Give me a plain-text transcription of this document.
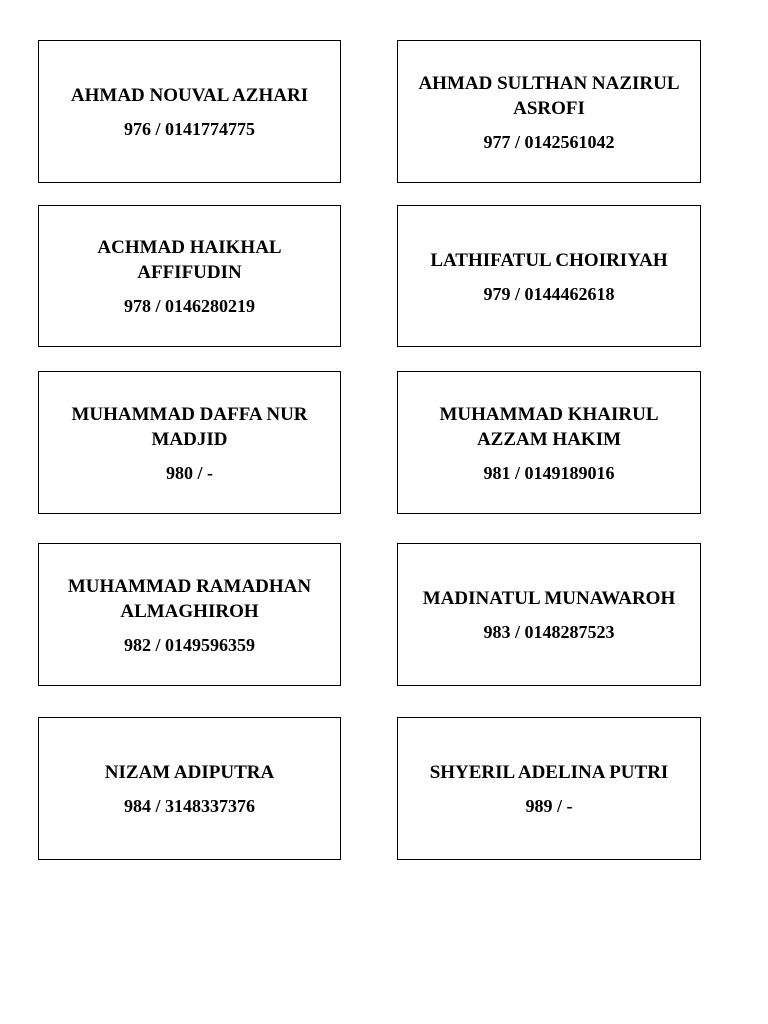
AHMAD NOUVAL AZHARI
976 / 0141774775
AHMAD SULTHAN NAZIRUL ASROFI
977 / 0142561042
ACHMAD HAIKHAL AFFIFUDIN
978 / 0146280219
LATHIFATUL CHOIRIYAH
979 / 0144462618
MUHAMMAD DAFFA NUR MADJID
980 / -
MUHAMMAD KHAIRUL AZZAM HAKIM
981 / 0149189016
MUHAMMAD RAMADHAN ALMAGHIROH
982 / 0149596359
MADINATUL MUNAWAROH
983 / 0148287523
NIZAM ADIPUTRA
984 / 3148337376
SHYERIL ADELINA PUTRI
989 / -
